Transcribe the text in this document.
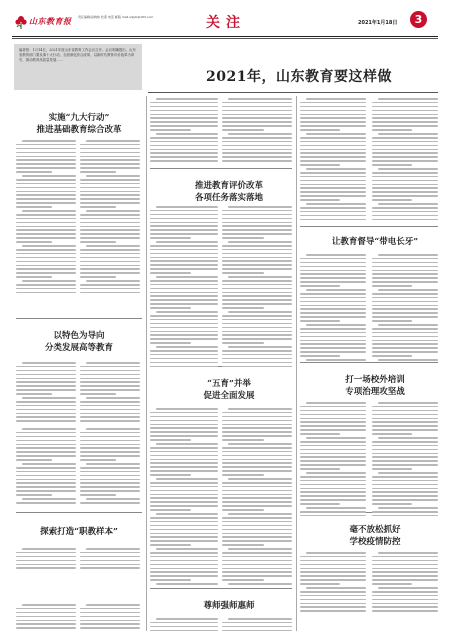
山东教育报 责任编辑/孙晓炜 杜燕 电话 邮箱 mail.sdjyb@163.com	关注	2021年1月18日	3
编者按：1月14日，2021年度山东省教育工作会议召开。会议明确提出，山东省教育部门要从事十大行动，全面深化综合改革，以新时代教育评价改革为牵引，推动教育高质量发展……
2021年，山东教育要这样做
实施“九大行动”
推进基础教育综合改革
推进教育评价改革
各项任务落实落地
让教育督导“带电长牙”
以特色为导向
分类发展高等教育
“五育”并举
促进全面发展
打一场校外培训
专项治理攻坚战
探索打造“职教样本”	毫不放松抓好
学校疫情防控
尊师强师惠师
